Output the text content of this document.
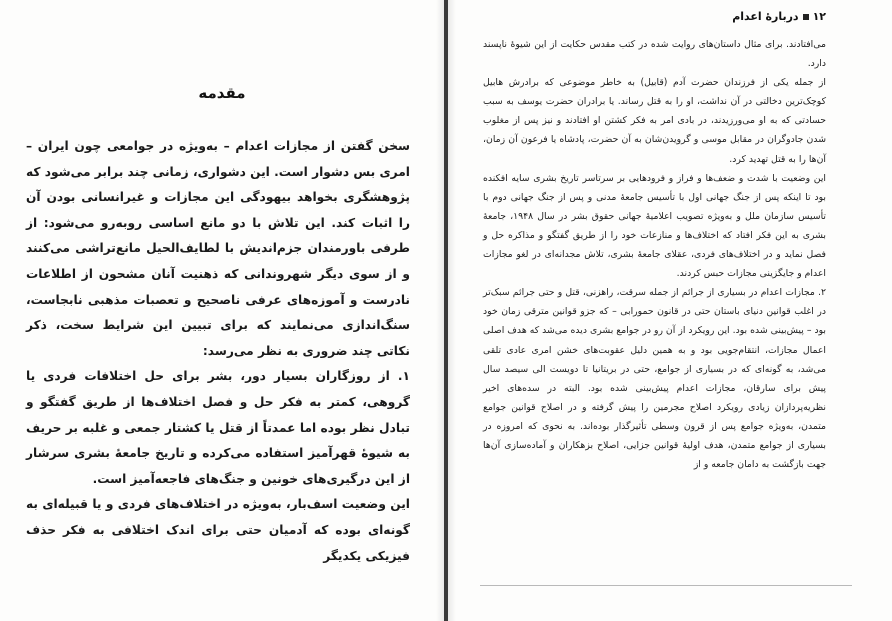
مقدمه

سخن گفتن از مجازات اعدام – به‌ویژه در جوامعی چون ایران – امری بس دشوار است. این دشواری، زمانی چند برابر می‌شود که پژوهشگری بخواهد بیهودگی این مجازات و غیرانسانی بودن آن را اثبات کند. این تلاش با دو مانع اساسی روبه‌رو می‌شود: از طرفی باورمندان جزم‌اندیش با لطایف‌الحیل مانع‌تراشی می‌کنند و از سوی دیگر شهروندانی که ذهنیت آنان مشحون از اطلاعات نادرست و آموزه‌های عرفی ناصحیح و تعصبات مذهبی نابجاست، سنگ‌اندازی می‌نمایند که برای تبیین این شرایط سخت، ذکر نکاتی چند ضروری به نظر می‌رسد:

۱. از روزگاران بسیار دور، بشر برای حل اختلافات فردی یا گروهی، کمتر به فکر حل و فصل اختلاف‌ها از طریق گفتگو و تبادل نظر بوده اما عمدتاً از قتل یا کشتار جمعی و غلبه بر حریف به شیوهٔ قهرآمیز استفاده می‌کرده و تاریخ جامعهٔ بشری سرشار از این درگیری‌های خونین و جنگ‌های فاجعه‌آمیز است.

این وضعیت اسف‌بار، به‌ویژه در اختلاف‌های فردی و یا قبیله‌ای به گونه‌ای بوده که آدمیان حتی برای اندک اختلافی به فکر حذف فیزیکی یکدیگر

۱۲
دربارهٔ اعدام

می‌افتادند. برای مثال داستان‌های روایت شده در کتب مقدس حکایت از این شیوهٔ ناپسند دارد.

از جمله یکی از فرزندان حضرت آدم (قابیل) به خاطر موضوعی که برادرش هابیل کوچک‌ترین دخالتی در آن نداشت، او را به قتل رساند. یا برادران حضرت یوسف به سبب حسادتی که به او می‌ورزیدند، در بادی امر به فکر کشتن او افتادند و نیز پس از مغلوب شدن جادوگران در مقابل موسی و گرویدن‌شان به آن حضرت، پادشاه یا فرعون آن زمان، آن‌ها را به قتل تهدید کرد.

این وضعیت با شدت و ضعف‌ها و فراز و فرودهایی بر سرتاسر تاریخ بشری سایه افکنده بود تا اینکه پس از جنگ جهانی اول با تأسیس جامعهٔ مدنی و پس از جنگ جهانی دوم با تأسیس سازمان ملل و به‌ویژه تصویب اعلامیهٔ جهانی حقوق بشر در سال ۱۹۴۸، جامعهٔ بشری به این فکر افتاد که اختلاف‌ها و منازعات خود را از طریق گفتگو و مذاکره حل و فصل نماید و در اختلاف‌های فردی، عقلای جامعهٔ بشری، تلاش مجدانه‌ای در لغو مجازات اعدام و جایگزینی مجازات حبس کردند.

۲. مجازات اعدام در بسیاری از جرائم از جمله سرقت، راهزنی، قتل و حتی جرائم سبک‌تر در اغلب قوانین دنیای باستان حتی در قانون حمورابی – که جزو قوانین مترقی زمان خود بود – پیش‌بینی شده بود. این رویکرد از آن رو در جوامع بشری دیده می‌شد که هدف اصلی اعمال مجازات، انتقام‌جویی بود و به همین دلیل عقوبت‌های خشن امری عادی تلقی می‌شد، به گونه‌ای که در بسیاری از جوامع، حتی در بریتانیا تا دویست الی سیصد سال پیش برای سارقان، مجازات اعدام پیش‌بینی شده بود. البته در سده‌های اخیر نظریه‌پردازان زیادی رویکرد اصلاح مجرمین را پیش گرفته و در اصلاح قوانین جوامع متمدن، به‌ویژه جوامع پس از قرون وسطی تأثیرگذار بوده‌اند. به نحوی که امروزه در بسیاری از جوامع متمدن، هدف اولیهٔ قوانین جزایی، اصلاح بزهکاران و آماده‌سازی آن‌ها جهت بازگشت به دامان جامعه و از
